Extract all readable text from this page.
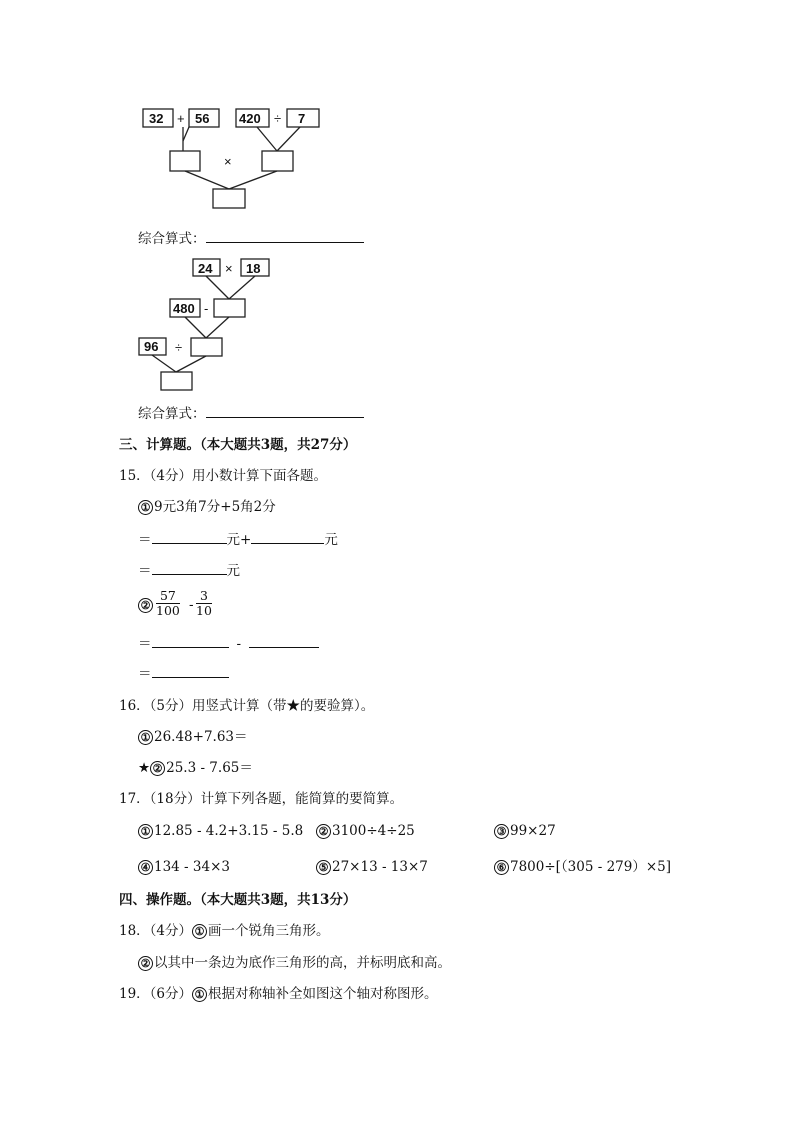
32 + 56 420 ÷ 7
×
综合算式：
24 × 18
480 -
96 ÷
综合算式：
三、计算题。（本大题共3题，共27分）
15．（4分）用小数计算下面各题。
① 9元3角7分+5角2分
＝	元+	元
＝	元
② $\frac{57}{100} - \frac{3}{10}$
＝	-
＝
16．（5分）用竖式计算（带★的要验算）。
① 26.48+7.63＝
★ ② 25.3 - 7.65＝
17．（18分）计算下列各题，能简算的要简算。
① 12.85 - 4.2+3.15 - 5.8 ② 3100÷4÷25	③ 99×27
④ 134 - 34×3	⑤ 27×13 - 13×7	⑥ 7800÷[（305 - 279）×5]
四、操作题。（本大题共3题，共13分）
18．（4分） ① 画一个锐角三角形。
② 以其中一条边为底作三角形的高，并标明底和高。
19．（6分） ① 根据对称轴补全如图这个轴对称图形。
